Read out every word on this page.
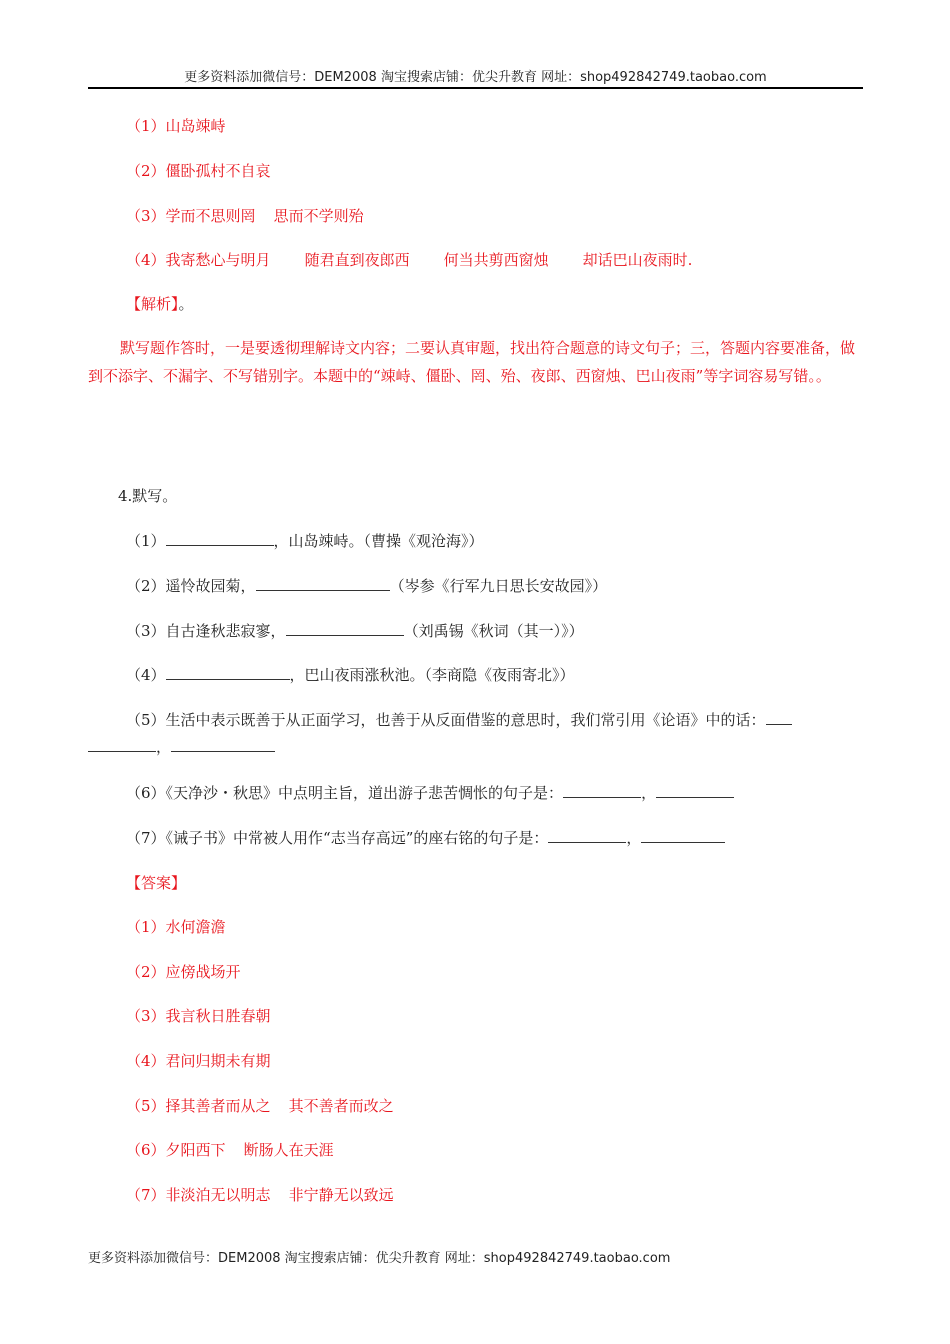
更多资料添加微信号：DEM2008 淘宝搜索店铺：优尖升教育 网址：shop492842749.taobao.com
（1）山岛竦峙
（2）僵卧孤村不自哀
（3）学而不思则罔 思而不学则殆
（4）我寄愁心与明月 随君直到夜郎西 何当共剪西窗烛 却话巴山夜雨时.
【解析】。
默写题作答时，一是要透彻理解诗文内容；二要认真审题，找出符合题意的诗文句子；三，答题内容要准备，做到不添字、不漏字、不写错别字。本题中的“竦峙、僵卧、罔、殆、夜郎、西窗烛、巴山夜雨”等字词容易写错。。
4.默写。
（1）	，山岛竦峙。（曹操《观沧海》）
（2）遥怜故园菊，	（岑参《行军九日思长安故园》）
（3）自古逢秋悲寂寥，	（刘禹锡《秋词（其一）》）
（4）	，巴山夜雨涨秋池。（李商隐《夜雨寄北》）
（5）生活中表示既善于从正面学习，也善于从反面借鉴的意思时，我们常引用《论语》中的话：
，
（6）《天净沙・秋思》中点明主旨，道出游子悲苦惆怅的句子是：	，
（7）《诫子书》中常被人用作“志当存高远”的座右铭的句子是：	，
【答案】
（1）水何澹澹
（2）应傍战场开
（3）我言秋日胜春朝
（4）君问归期未有期
（5）择其善者而从之 其不善者而改之
（6）夕阳西下 断肠人在天涯
（7）非淡泊无以明志 非宁静无以致远
更多资料添加微信号：DEM2008 淘宝搜索店铺：优尖升教育 网址：shop492842749.taobao.com
